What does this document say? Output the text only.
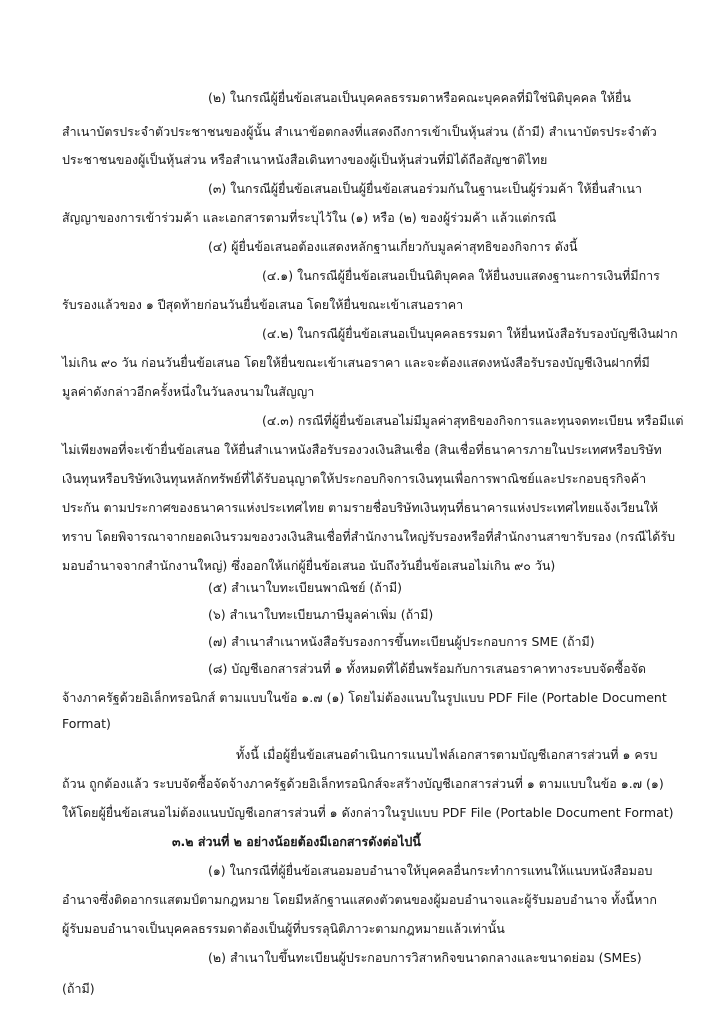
(๒) ในกรณีผู้ยื่นข้อเสนอเป็นบุคคลธรรมดาหรือคณะบุคคลที่มิใช่นิติบุคคล ให้ยื่น
สำเนาบัตรประจำตัวประชาชนของผู้นั้น สำเนาข้อตกลงที่แสดงถึงการเข้าเป็นหุ้นส่วน (ถ้ามี) สำเนาบัตรประจำตัว
ประชาชนของผู้เป็นหุ้นส่วน หรือสำเนาหนังสือเดินทางของผู้เป็นหุ้นส่วนที่มิได้ถือสัญชาติไทย
(๓) ในกรณีผู้ยื่นข้อเสนอเป็นผู้ยื่นข้อเสนอร่วมกันในฐานะเป็นผู้ร่วมค้า ให้ยื่นสำเนา
สัญญาของการเข้าร่วมค้า และเอกสารตามที่ระบุไว้ใน (๑) หรือ (๒) ของผู้ร่วมค้า แล้วแต่กรณี
(๔) ผู้ยื่นข้อเสนอต้องแสดงหลักฐานเกี่ยวกับมูลค่าสุทธิของกิจการ ดังนี้
(๔.๑) ในกรณีผู้ยื่นข้อเสนอเป็นนิติบุคคล ให้ยื่นงบแสดงฐานะการเงินที่มีการ
รับรองแล้วของ ๑ ปีสุดท้ายก่อนวันยื่นข้อเสนอ โดยให้ยื่นขณะเข้าเสนอราคา
(๔.๒) ในกรณีผู้ยื่นข้อเสนอเป็นบุคคลธรรมดา ให้ยื่นหนังสือรับรองบัญชีเงินฝาก
ไม่เกิน ๙๐ วัน ก่อนวันยื่นข้อเสนอ โดยให้ยื่นขณะเข้าเสนอราคา และจะต้องแสดงหนังสือรับรองบัญชีเงินฝากที่มี
มูลค่าดังกล่าวอีกครั้งหนึ่งในวันลงนามในสัญญา
(๔.๓) กรณีที่ผู้ยื่นข้อเสนอไม่มีมูลค่าสุทธิของกิจการและทุนจดทะเบียน หรือมีแต่
ไม่เพียงพอที่จะเข้ายื่นข้อเสนอ ให้ยื่นสำเนาหนังสือรับรองวงเงินสินเชื่อ (สินเชื่อที่ธนาคารภายในประเทศหรือบริษัท
เงินทุนหรือบริษัทเงินทุนหลักทรัพย์ที่ได้รับอนุญาตให้ประกอบกิจการเงินทุนเพื่อการพาณิชย์และประกอบธุรกิจค้า
ประกัน ตามประกาศของธนาคารแห่งประเทศไทย ตามรายชื่อบริษัทเงินทุนที่ธนาคารแห่งประเทศไทยแจ้งเวียนให้
ทราบ โดยพิจารณาจากยอดเงินรวมของวงเงินสินเชื่อที่สำนักงานใหญ่รับรองหรือที่สำนักงานสาขารับรอง (กรณีได้รับ
มอบอำนาจจากสำนักงานใหญ่) ซึ่งออกให้แก่ผู้ยื่นข้อเสนอ นับถึงวันยื่นข้อเสนอไม่เกิน ๙๐ วัน)
(๕) สำเนาใบทะเบียนพาณิชย์ (ถ้ามี)
(๖) สำเนาใบทะเบียนภาษีมูลค่าเพิ่ม (ถ้ามี)
(๗) สำเนาสำเนาหนังสือรับรองการขึ้นทะเบียนผู้ประกอบการ SME (ถ้ามี)
(๘) บัญชีเอกสารส่วนที่ ๑ ทั้งหมดที่ได้ยื่นพร้อมกับการเสนอราคาทางระบบจัดซื้อจัด
จ้างภาครัฐด้วยอิเล็กทรอนิกส์ ตามแบบในข้อ ๑.๗ (๑) โดยไม่ต้องแนบในรูปแบบ PDF File (Portable Document
Format)
ทั้งนี้ เมื่อผู้ยื่นข้อเสนอดำเนินการแนบไฟล์เอกสารตามบัญชีเอกสารส่วนที่ ๑ ครบ
ถ้วน ถูกต้องแล้ว ระบบจัดซื้อจัดจ้างภาครัฐด้วยอิเล็กทรอนิกส์จะสร้างบัญชีเอกสารส่วนที่ ๑ ตามแบบในข้อ ๑.๗ (๑)
ให้โดยผู้ยื่นข้อเสนอไม่ต้องแนบบัญชีเอกสารส่วนที่ ๑ ดังกล่าวในรูปแบบ PDF File (Portable Document Format)
๓.๒ ส่วนที่ ๒ อย่างน้อยต้องมีเอกสารดังต่อไปนี้
(๑) ในกรณีที่ผู้ยื่นข้อเสนอมอบอำนาจให้บุคคลอื่นกระทำการแทนให้แนบหนังสือมอบ
อำนาจซึ่งติดอากรแสตมป์ตามกฎหมาย โดยมีหลักฐานแสดงตัวตนของผู้มอบอำนาจและผู้รับมอบอำนาจ ทั้งนี้หาก
ผู้รับมอบอำนาจเป็นบุคคลธรรมดาต้องเป็นผู้ที่บรรลุนิติภาวะตามกฎหมายแล้วเท่านั้น
(๒) สำเนาใบขึ้นทะเบียนผู้ประกอบการวิสาหกิจขนาดกลางและขนาดย่อม (SMEs)
(ถ้ามี)
